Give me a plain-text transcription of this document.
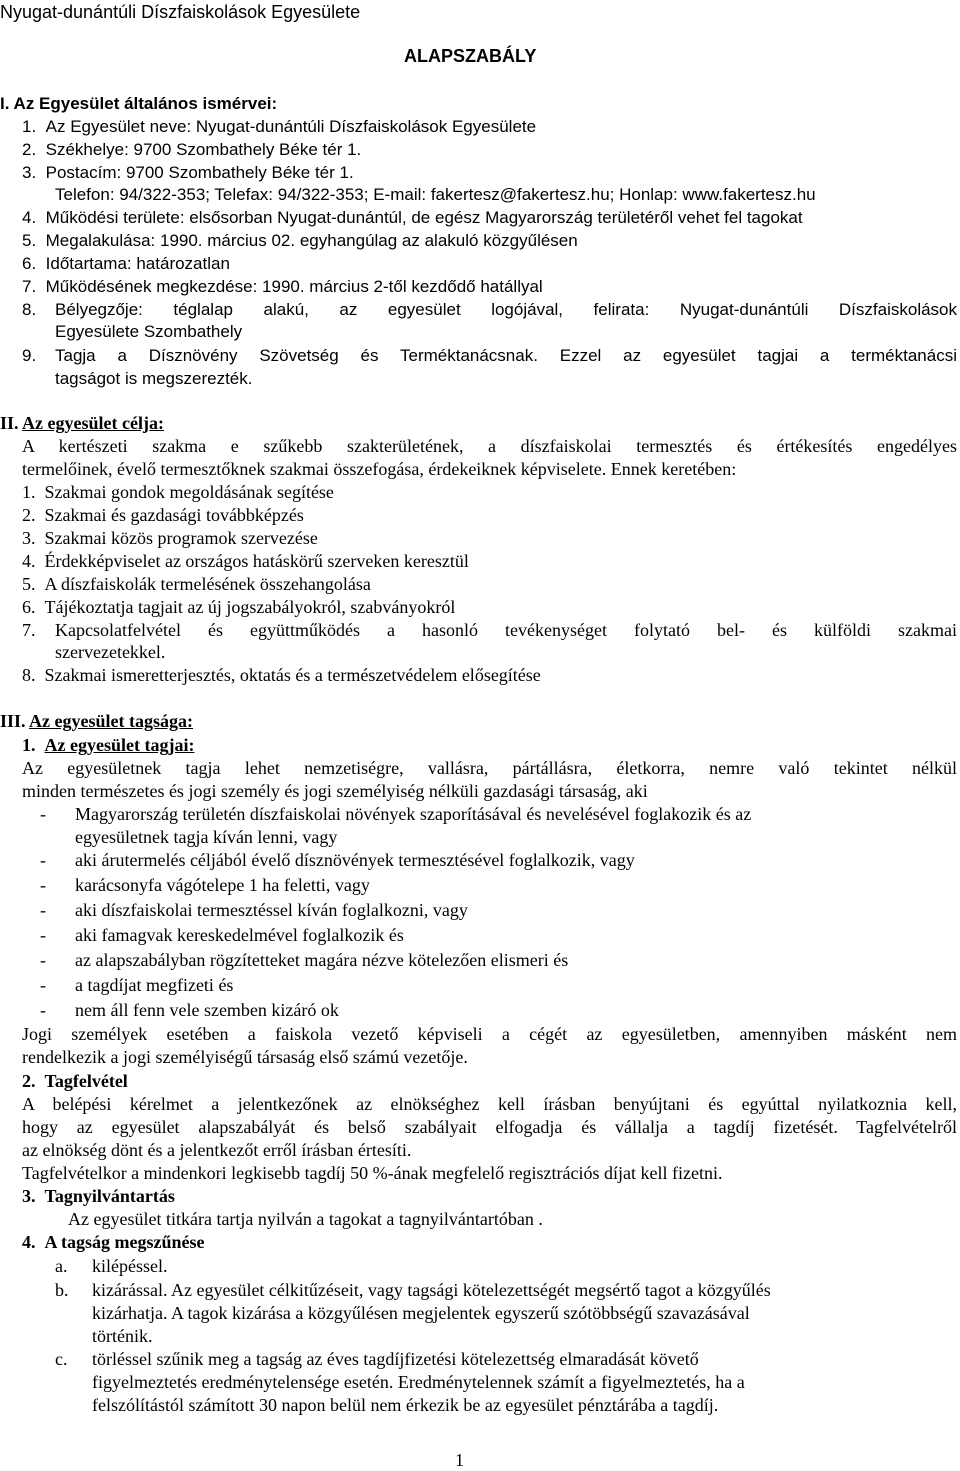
Nyugat-dunántúli Díszfaiskolások Egyesülete
ALAPSZABÁLY
I. Az Egyesület általános ismérvei:
1. Az Egyesület neve: Nyugat-dunántúli Díszfaiskolások Egyesülete
2. Székhelye: 9700 Szombathely Béke tér 1.
3. Postacím: 9700 Szombathely Béke tér 1.
Telefon: 94/322-353; Telefax: 94/322-353; E-mail: fakertesz@fakertesz.hu; Honlap: www.fakertesz.hu
4. Működési területe: elsősorban Nyugat-dunántúl, de egész Magyarország területéről vehet fel tagokat
5. Megalakulása: 1990. március 02. egyhangúlag az alakuló közgyűlésen
6. Időtartama: határozatlan
7. Működésének megkezdése: 1990. március 2-től kezdődő hatállyal
8. Bélyegzője: téglalap alakú, az egyesület logójával, felirata: Nyugat-dunántúli Díszfaiskolások
Egyesülete Szombathely
9. Tagja a Dísznövény Szövetség és Terméktanácsnak. Ezzel az egyesület tagjai a terméktanácsi
tagságot is megszerezték.
II. Az egyesület célja:
A kertészeti szakma e szűkebb szakterületének, a díszfaiskolai termesztés és értékesítés engedélyes
termelőinek, évelő termesztőknek szakmai összefogása, érdekeiknek képviselete. Ennek keretében:
1. Szakmai gondok megoldásának segítése
2. Szakmai és gazdasági továbbképzés
3. Szakmai közös programok szervezése
4. Érdekképviselet az országos hatáskörű szerveken keresztül
5. A díszfaiskolák termelésének összehangolása
6. Tájékoztatja tagjait az új jogszabályokról, szabványokról
7. Kapcsolatfelvétel és együttműködés a hasonló tevékenységet folytató bel- és külföldi szakmai
szervezetekkel.
8. Szakmai ismeretterjesztés, oktatás és a természetvédelem elősegítése
III. Az egyesület tagsága:
1. Az egyesület tagjai:
Az egyesületnek tagja lehet nemzetiségre, vallásra, pártállásra, életkorra, nemre való tekintet nélkül
minden természetes és jogi személy és jogi személyiség nélküli gazdasági társaság, aki
- Magyarország területén díszfaiskolai növények szaporításával és nevelésével foglakozik és az
egyesületnek tagja kíván lenni, vagy
- aki árutermelés céljából évelő dísznövények termesztésével foglalkozik, vagy
- karácsonyfa vágótelepe 1 ha feletti, vagy
- aki díszfaiskolai termesztéssel kíván foglalkozni, vagy
- aki famagvak kereskedelmével foglalkozik és
- az alapszabályban rögzítetteket magára nézve kötelezően elismeri és
- a tagdíjat megfizeti és
- nem áll fenn vele szemben kizáró ok
Jogi személyek esetében a faiskola vezető képviseli a cégét az egyesületben, amennyiben másként nem
rendelkezik a jogi személyiségű társaság első számú vezetője.
2. Tagfelvétel
A belépési kérelmet a jelentkezőnek az elnökséghez kell írásban benyújtani és egyúttal nyilatkoznia kell,
hogy az egyesület alapszabályát és belső szabályait elfogadja és vállalja a tagdíj fizetését. Tagfelvételről
az elnökség dönt és a jelentkezőt erről írásban értesíti.
Tagfelvételkor a mindenkori legkisebb tagdíj 50 %-ának megfelelő regisztrációs díjat kell fizetni.
3. Tagnyilvántartás
Az egyesület titkára tartja nyilván a tagokat a tagnyilvántartóban .
4. A tagság megszűnése
a. kilépéssel.
b. kizárással. Az egyesület célkitűzéseit, vagy tagsági kötelezettségét megsértő tagot a közgyűlés
kizárhatja. A tagok kizárása a közgyűlésen megjelentek egyszerű szótöbbségű szavazásával
történik.
c. törléssel szűnik meg a tagság az éves tagdíjfizetési kötelezettség elmaradását követő
figyelmeztetés eredménytelensége esetén. Eredménytelennek számít a figyelmeztetés, ha a
felszólítástól számított 30 napon belül nem érkezik be az egyesület pénztárába a tagdíj.
1
